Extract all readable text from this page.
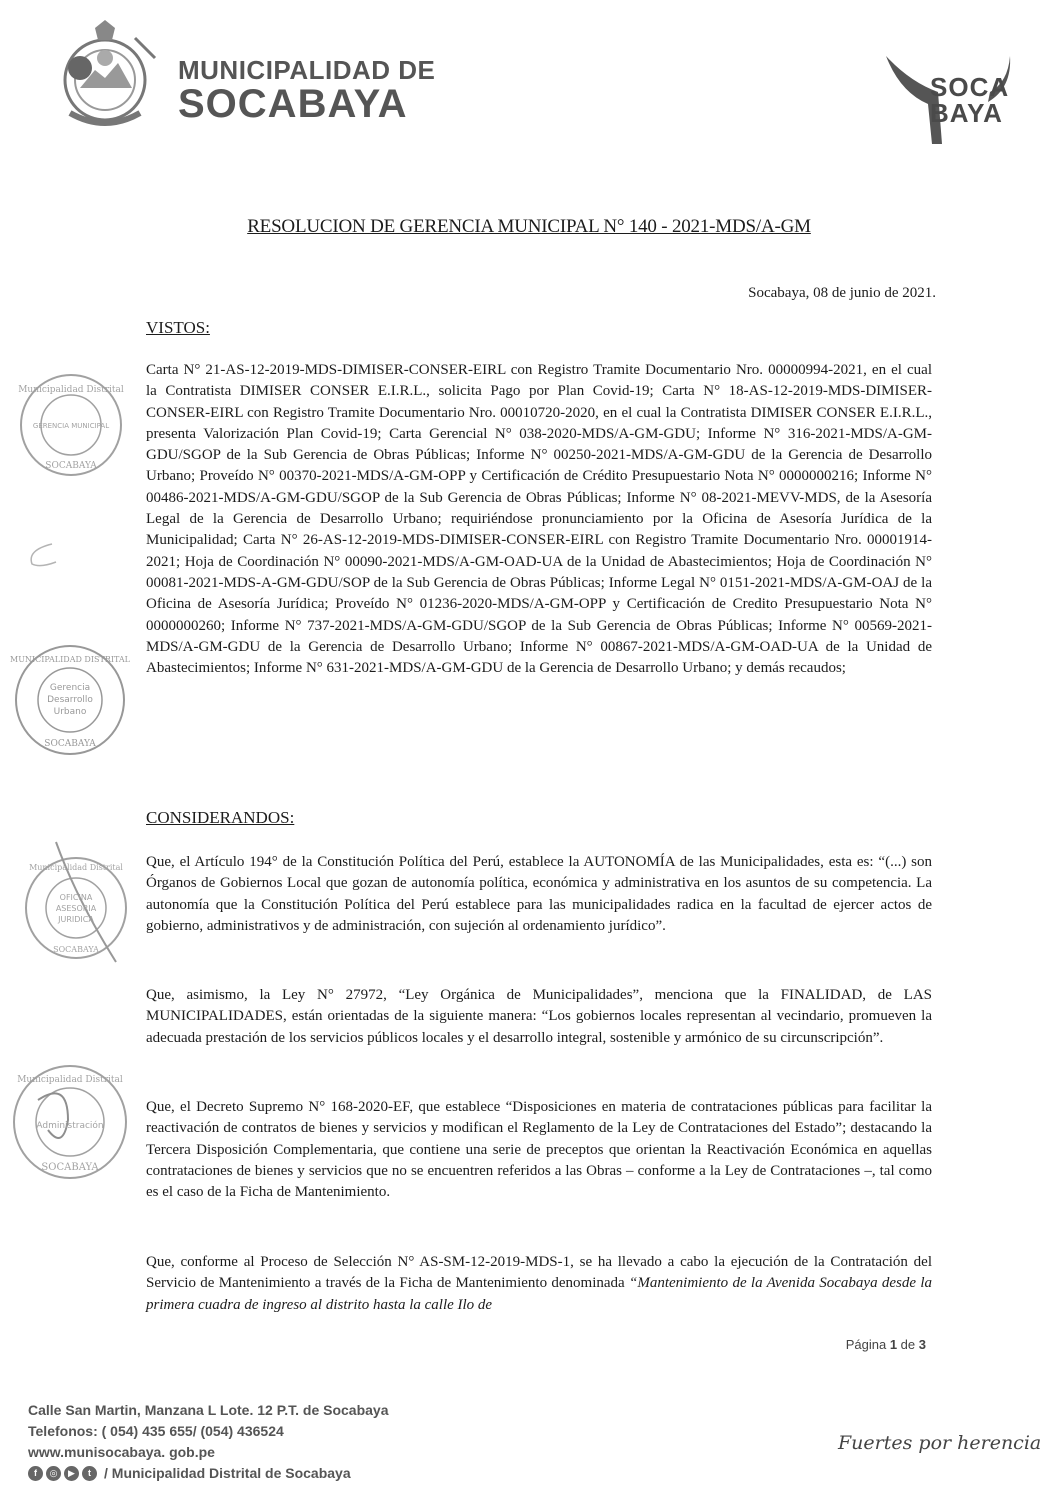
MUNICIPALIDAD DE
SOCABAYA	SOCA
BAYA
RESOLUCION DE GERENCIA MUNICIPAL N° 140 - 2021-MDS/A-GM
Socabaya, 08 de junio de 2021.
VISTOS:

Carta N° 21-AS-12-2019-MDS-DIMISER-CONSER-EIRL con Registro Tramite Documentario Nro. 00000994-2021, en el cual la Contratista DIMISER CONSER E.I.R.L., solicita Pago por Plan Covid-19; Carta N° 18-AS-12-2019-MDS-DIMISER-CONSER-EIRL con Registro Tramite Documentario Nro. 00010720-2020, en el cual la Contratista DIMISER CONSER E.I.R.L., presenta Valorización Plan Covid-19; Carta Gerencial N° 038-2020-MDS/A-GM-GDU; Informe N° 316-2021-MDS/A-GM-GDU/SGOP de la Sub Gerencia de Obras Públicas; Informe N° 00250-2021-MDS/A-GM-GDU de la Gerencia de Desarrollo Urbano; Proveído N° 00370-2021-MDS/A-GM-OPP y Certificación de Crédito Presupuestario Nota N° 0000000216; Informe N° 00486-2021-MDS/A-GM-GDU/SGOP de la Sub Gerencia de Obras Públicas; Informe N° 08-2021-MEVV-MDS, de la Asesoría Legal de la Gerencia de Desarrollo Urbano; requiriéndose pronunciamiento por la Oficina de Asesoría Jurídica de la Municipalidad; Carta N° 26-AS-12-2019-MDS-DIMISER-CONSER-EIRL con Registro Tramite Documentario Nro. 00001914-2021; Hoja de Coordinación N° 00090-2021-MDS/A-GM-OAD-UA de la Unidad de Abastecimientos; Hoja de Coordinación N° 00081-2021-MDS-A-GM-GDU/SOP de la Sub Gerencia de Obras Públicas; Informe Legal N° 0151-2021-MDS/A-GM-OAJ de la Oficina de Asesoría Jurídica; Proveído N° 01236-2020-MDS/A-GM-OPP y Certificación de Credito Presupuestario Nota N° 0000000260; Informe N° 737-2021-MDS/A-GM-GDU/SGOP de la Sub Gerencia de Obras Públicas; Informe N° 00569-2021-MDS/A-GM-GDU de la Gerencia de Desarrollo Urbano; Informe N° 00867-2021-MDS/A-GM-OAD-UA de la Unidad de Abastecimientos; Informe N° 631-2021-MDS/A-GM-GDU de la Gerencia de Desarrollo Urbano; y demás recaudos;

CONSIDERANDOS:

Que, el Artículo 194° de la Constitución Política del Perú, establece la AUTONOMÍA de las Municipalidades, esta es: “(...) son Órganos de Gobiernos Local que gozan de autonomía política, económica y administrativa en los asuntos de su competencia. La autonomía que la Constitución Política del Perú establece para las municipalidades radica en la facultad de ejercer actos de gobierno, administrativos y de administración, con sujeción al ordenamiento jurídico”.

Que, asimismo, la Ley N° 27972, “Ley Orgánica de Municipalidades”, menciona que la FINALIDAD, de LAS MUNICIPALIDADES, están orientadas de la siguiente manera: “Los gobiernos locales representan al vecindario, promueven la adecuada prestación de los servicios públicos locales y el desarrollo integral, sostenible y armónico de su circunscripción”.

Que, el Decreto Supremo N° 168-2020-EF, que establece “Disposiciones en materia de contrataciones públicas para facilitar la reactivación de contratos de bienes y servicios y modifican el Reglamento de la Ley de Contrataciones del Estado”; destacando la Tercera Disposición Complementaria, que contiene una serie de preceptos que orientan la Reactivación Económica en aquellas contrataciones de bienes y servicios que no se encuentren referidos a las Obras – conforme a la Ley de Contrataciones –, tal como es el caso de la Ficha de Mantenimiento.

Que, conforme al Proceso de Selección N° AS-SM-12-2019-MDS-1, se ha llevado a cabo la ejecución de la Contratación del Servicio de Mantenimiento a través de la Ficha de Mantenimiento denominada “Mantenimiento de la Avenida Socabaya desde la primera cuadra de ingreso al distrito hasta la calle Ilo de

Municipalidad Distrital
GERENCIA MUNICIPAL
SOCABAYA
MUNICIPALIDAD DISTRITAL
Gerencia
Desarrollo
Urbano
SOCABAYA
Municipalidad Distrital
OFICINA
ASESORIA
JURIDICA
SOCABAYA
Municipalidad Distrital
Administración
SOCABAYA
Página 1 de 3
Calle San Martin, Manzana L Lote. 12 P.T. de Socabaya
Telefonos: ( 054) 435 655/ (054) 436524
www.munisocabaya. gob.pe
f	◎	▶	t / Municipalidad Distrital de Socabaya
Fuertes por herencia
